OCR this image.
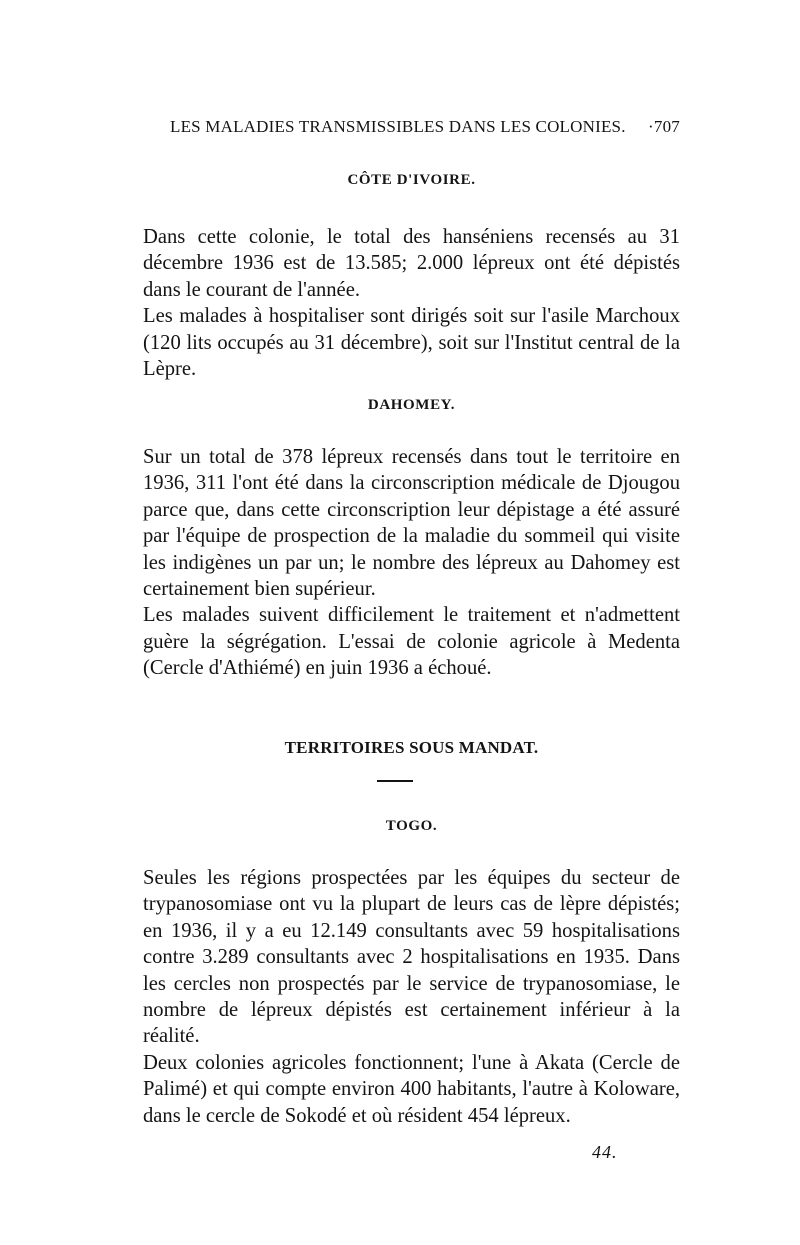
LES MALADIES TRANSMISSIBLES DANS LES COLONIES. ·707
CÔTE D'IVOIRE.

Dans cette colonie, le total des hanséniens recensés au 31 décembre 1936 est de 13.585; 2.000 lépreux ont été dépistés dans le courant de l'année.

Les malades à hospitaliser sont dirigés soit sur l'asile Marchoux (120 lits occupés au 31 décembre), soit sur l'Institut central de la Lèpre.

DAHOMEY.

Sur un total de 378 lépreux recensés dans tout le territoire en 1936, 311 l'ont été dans la circonscription médicale de Djougou parce que, dans cette circonscription leur dépistage a été assuré par l'équipe de prospection de la maladie du sommeil qui visite les indigènes un par un; le nombre des lépreux au Dahomey est certainement bien supérieur.

Les malades suivent difficilement le traitement et n'admettent guère la ségrégation. L'essai de colonie agricole à Medenta (Cercle d'Athiémé) en juin 1936 a échoué.

TERRITOIRES SOUS MANDAT.
TOGO.

Seules les régions prospectées par les équipes du secteur de trypanosomiase ont vu la plupart de leurs cas de lèpre dépistés; en 1936, il y a eu 12.149 consultants avec 59 hospitalisations contre 3.289 consultants avec 2 hospitalisations en 1935. Dans les cercles non prospectés par le service de trypanosomiase, le nombre de lépreux dépistés est certainement inférieur à la réalité.

Deux colonies agricoles fonctionnent; l'une à Akata (Cercle de Palimé) et qui compte environ 400 habitants, l'autre à Koloware, dans le cercle de Sokodé et où résident 454 lépreux.

44.
